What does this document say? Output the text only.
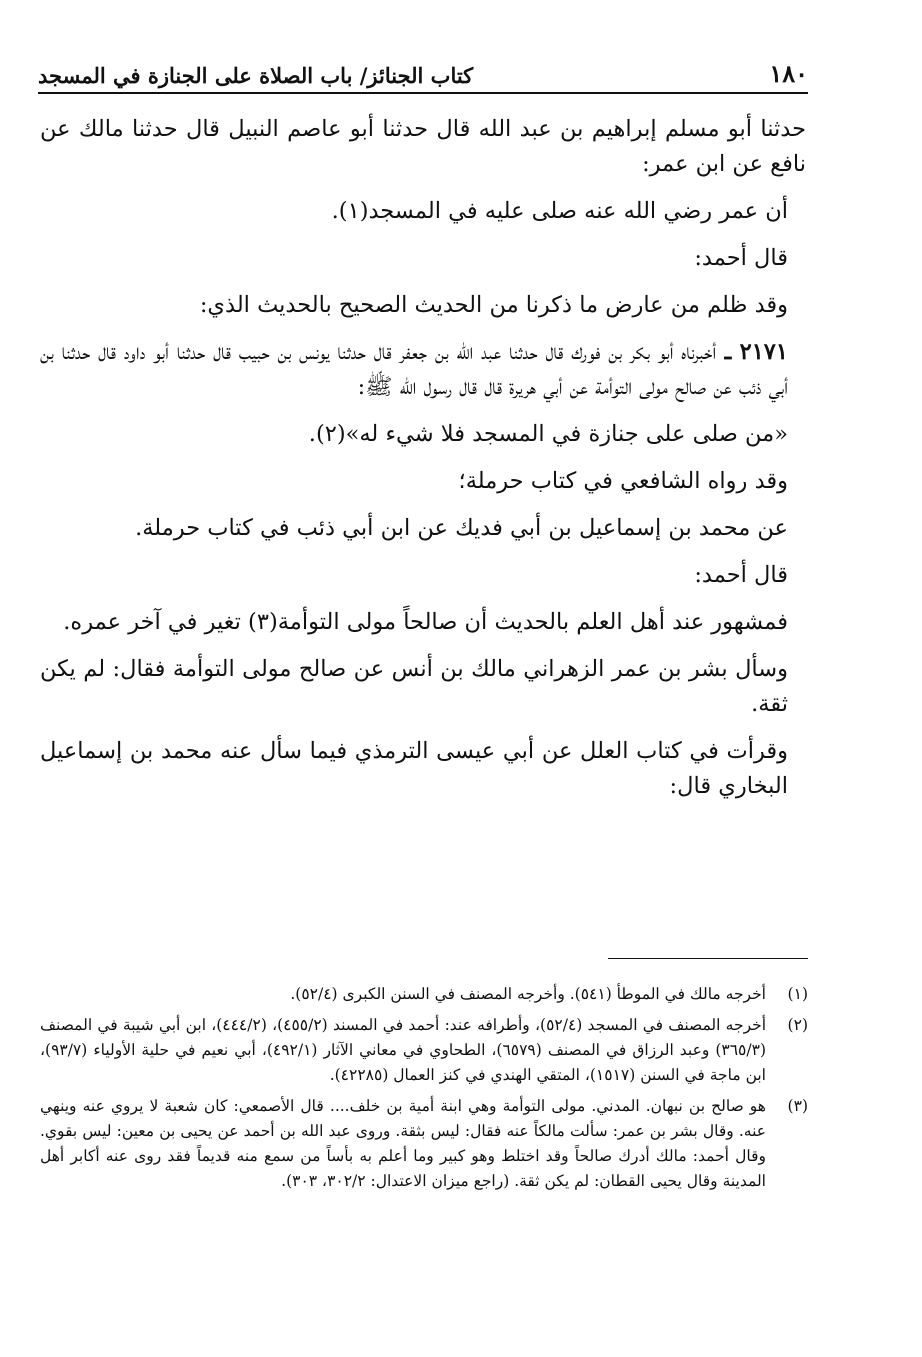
١٨٠
كتاب الجنائز/ باب الصلاة على الجنازة في المسجد

حدثنا أبو مسلم إبراهيم بن عبد الله قال حدثنا أبو عاصم النبيل قال حدثنا مالك عن نافع عن ابن عمر:

أن عمر رضي الله عنه صلى عليه في المسجد(١).

قال أحمد:

وقد ظلم من عارض ما ذكرنا من الحديث الصحيح بالحديث الذي:

٢١٧١ ـ أخبرناه أبو بكر بن فورك قال حدثنا عبد الله بن جعفر قال حدثنا يونس بن حبيب قال حدثنا أبو داود قال حدثنا بن أبي ذئب عن صالح مولى التوأمة عن أبي هريرة قال قال رسول الله ﷺ:

«من صلى على جنازة في المسجد فلا شيء له»(٢).

وقد رواه الشافعي في كتاب حرملة؛

عن محمد بن إسماعيل بن أبي فديك عن ابن أبي ذئب في كتاب حرملة.

قال أحمد:

فمشهور عند أهل العلم بالحديث أن صالحاً مولى التوأمة(٣) تغير في آخر عمره.

وسأل بشر بن عمر الزهراني مالك بن أنس عن صالح مولى التوأمة فقال: لم يكن ثقة.

وقرأت في كتاب العلل عن أبي عيسى الترمذي فيما سأل عنه محمد بن إسماعيل البخاري قال:

(١)
أخرجه مالك في الموطأ (٥٤١). وأخرجه المصنف في السنن الكبرى (٥٢/٤).
(٢)
أخرجه المصنف في المسجد (٥٢/٤)، وأطرافه عند: أحمد في المسند (٤٥٥/٢)، (٤٤٤/٢)، ابن أبي شيبة في المصنف (٣٦٥/٣) وعبد الرزاق في المصنف (٦٥٧٩)، الطحاوي في معاني الآثار (٤٩٢/١)، أبي نعيم في حلية الأولياء (٩٣/٧)، ابن ماجة في السنن (١٥١٧)، المتقي الهندي في كنز العمال (٤٢٢٨٥).
(٣)
هو صالح بن نبهان. المدني. مولى التوأمة وهي ابنة أمية بن خلف.... قال الأصمعي: كان شعبة لا يروي عنه وينهي عنه. وقال بشر بن عمر: سألت مالكاً عنه فقال: ليس بثقة. وروى عبد الله بن أحمد عن يحيى بن معين: ليس بقوي. وقال أحمد: مالك أدرك صالحاً وقد اختلط وهو كبير وما أعلم به بأساً من سمع منه قديماً فقد روى عنه أكابر أهل المدينة وقال يحيى القطان: لم يكن ثقة. (راجع ميزان الاعتدال: ٣٠٢/٢، ٣٠٣).
